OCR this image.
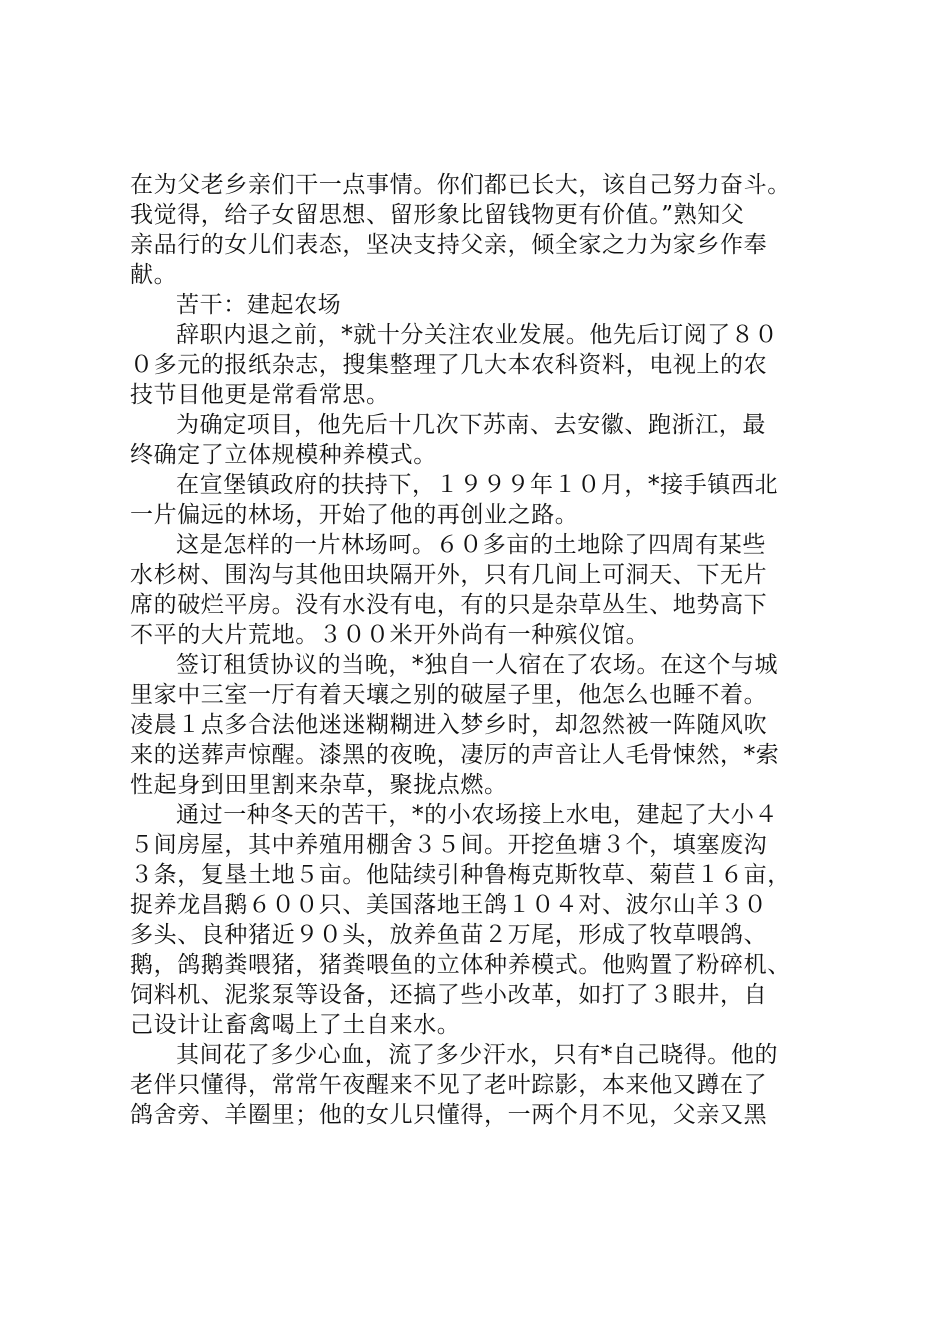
在为父老乡亲们干一点事情。你们都已长大，该自己努力奋斗。
我觉得，给子女留思想、留形象比留钱物更有价值。”熟知父
亲品行的女儿们表态，坚决支持父亲，倾全家之力为家乡作奉
献。

苦干：建起农场

辞职内退之前，*就十分关注农业发展。他先后订阅了８０
０多元的报纸杂志，搜集整理了几大本农科资料，电视上的农
技节目他更是常看常思。

为确定项目，他先后十几次下苏南、去安徽、跑浙江，最
终确定了立体规模种养模式。

在宣堡镇政府的扶持下，１９９９年１０月，*接手镇西北
一片偏远的林场，开始了他的再创业之路。

这是怎样的一片林场呵。６０多亩的土地除了四周有某些
水杉树、围沟与其他田块隔开外，只有几间上可洞天、下无片
席的破烂平房。没有水没有电，有的只是杂草丛生、地势高下
不平的大片荒地。３００米开外尚有一种殡仪馆。

签订租赁协议的当晚，*独自一人宿在了农场。在这个与城
里家中三室一厅有着天壤之别的破屋子里，他怎么也睡不着。
凌晨１点多合法他迷迷糊糊进入梦乡时，却忽然被一阵随风吹
来的送葬声惊醒。漆黑的夜晚，凄厉的声音让人毛骨悚然，*索
性起身到田里割来杂草，聚拢点燃。

通过一种冬天的苦干，*的小农场接上水电，建起了大小４
５间房屋，其中养殖用棚舍３５间。开挖鱼塘３个，填塞废沟
３条，复垦土地５亩。他陆续引种鲁梅克斯牧草、菊苣１６亩，
捉养龙昌鹅６００只、美国落地王鸽１０４对、波尔山羊３０
多头、良种猪近９０头，放养鱼苗２万尾，形成了牧草喂鸽、
鹅，鸽鹅粪喂猪，猪粪喂鱼的立体种养模式。他购置了粉碎机、
饲料机、泥浆泵等设备，还搞了些小改革，如打了３眼井，自
己设计让畜禽喝上了土自来水。

其间花了多少心血，流了多少汗水，只有*自己晓得。他的
老伴只懂得，常常午夜醒来不见了老叶踪影，本来他又蹲在了
鸽舍旁、羊圈里；他的女儿只懂得，一两个月不见，父亲又黑
